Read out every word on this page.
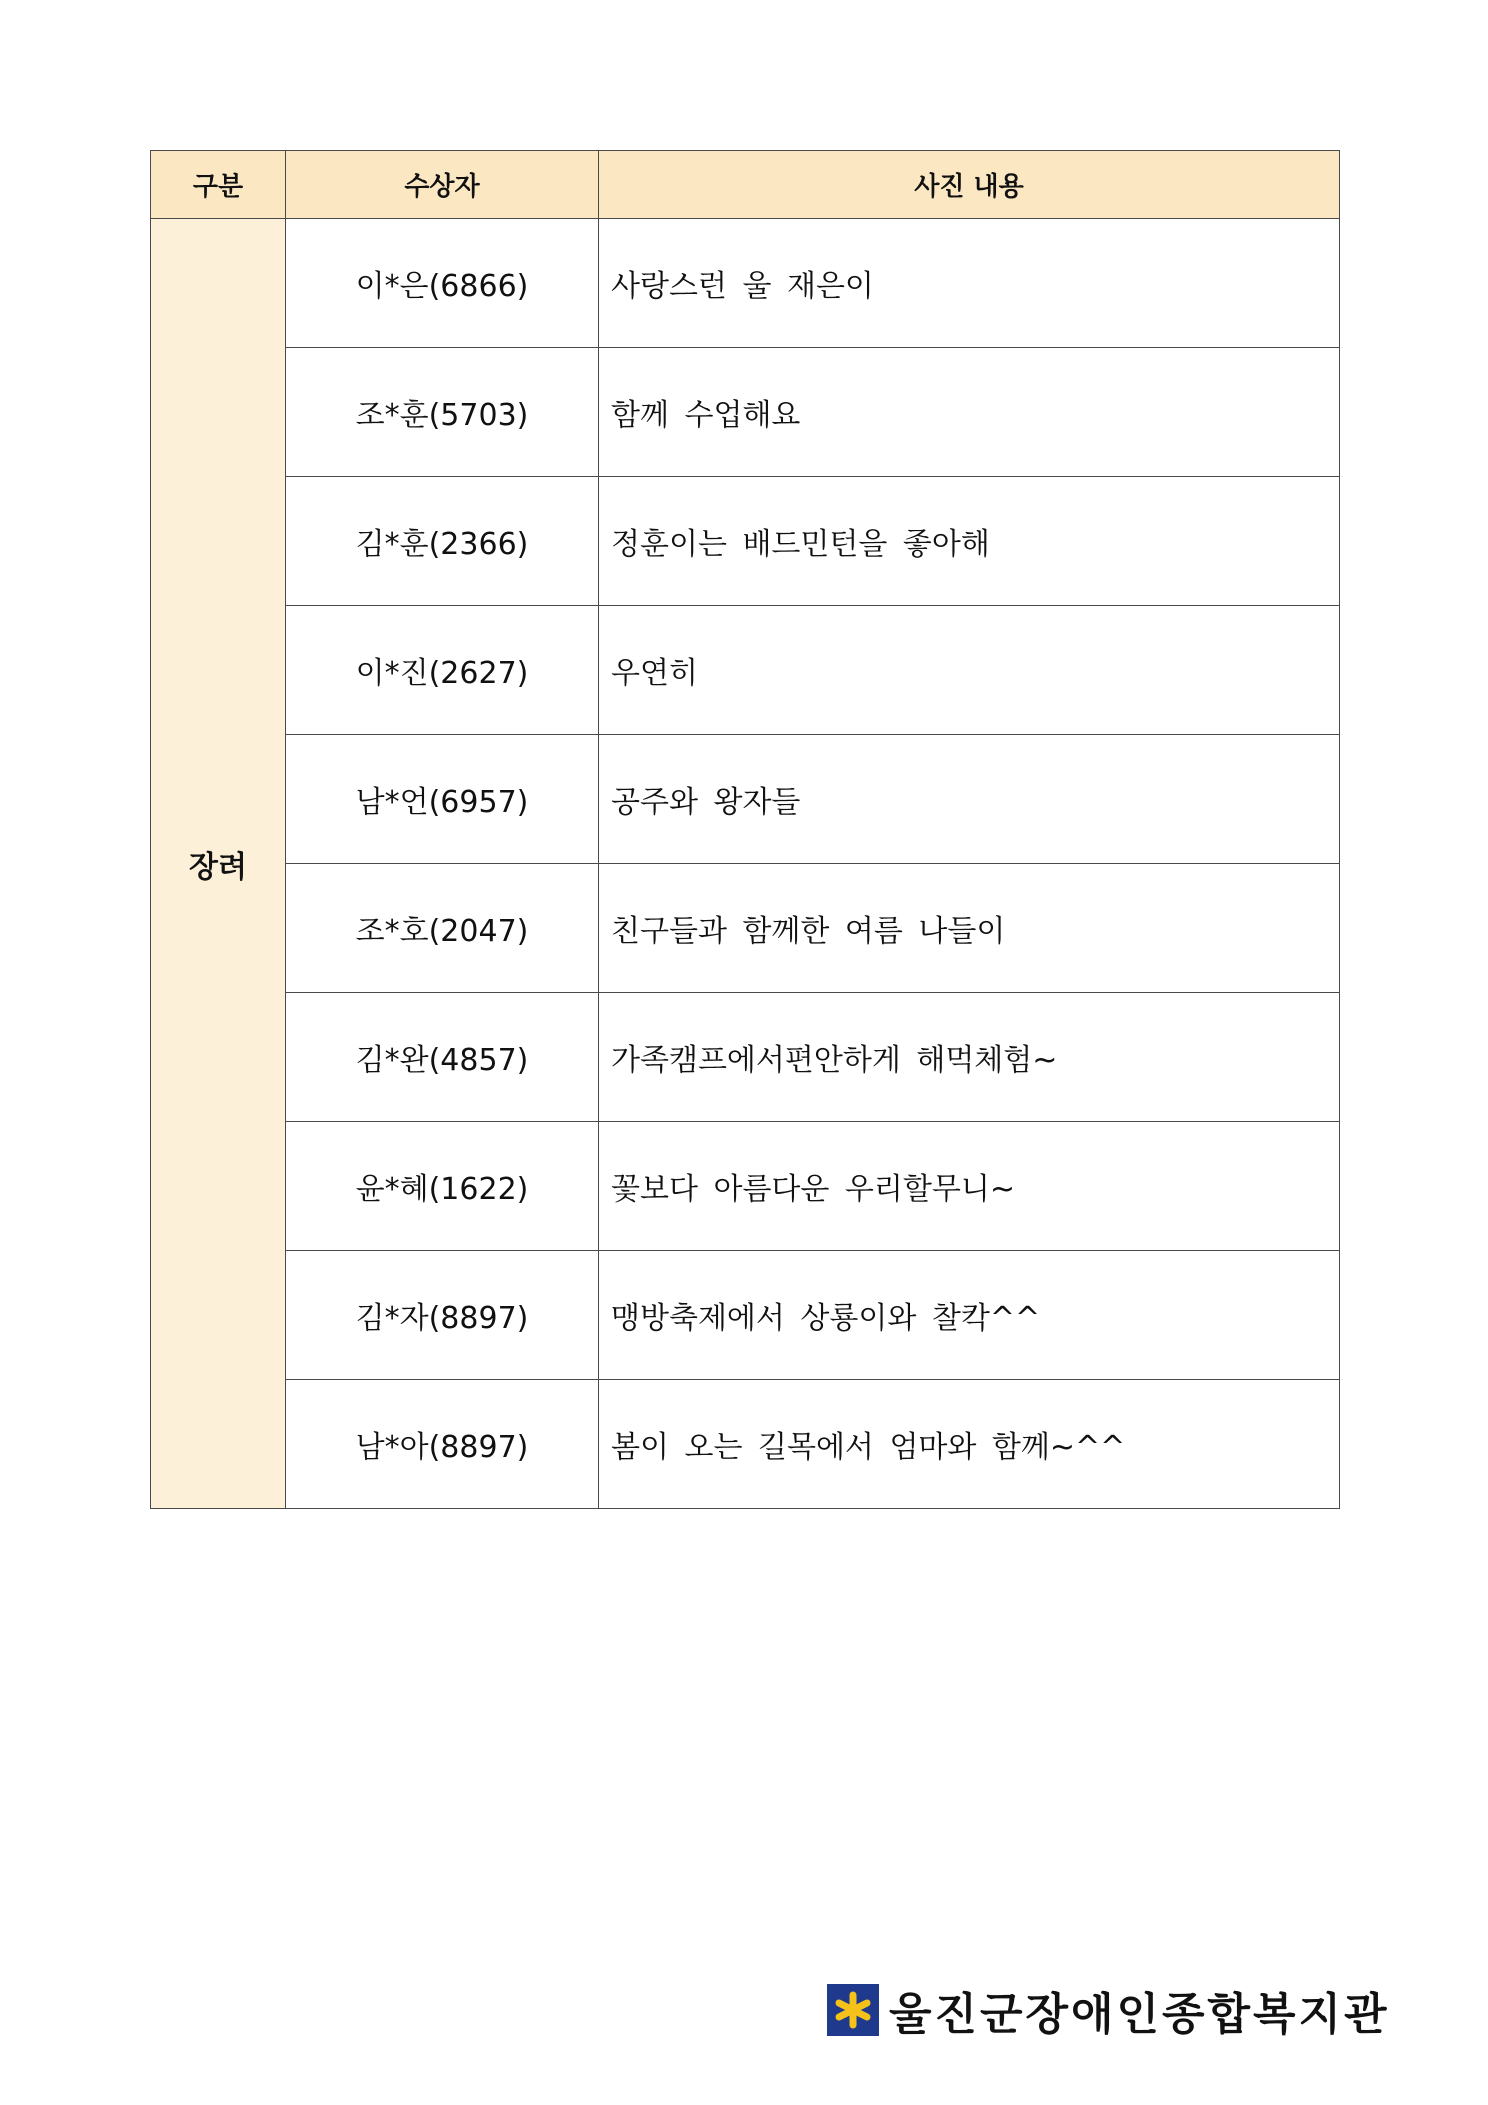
구분	수상자	사진 내용
장려	이*은(6866)	사랑스런 울 재은이
	조*훈(5703)	함께 수업해요
	김*훈(2366)	정훈이는 배드민턴을 좋아해
	이*진(2627)	우연히
	남*언(6957)	공주와 왕자들
	조*호(2047)	친구들과 함께한 여름 나들이
	김*완(4857)	가족캠프에서편안하게 해먹체험~
	윤*혜(1622)	꽃보다 아름다운 우리할무니~
	김*자(8897)	맹방축제에서 상룡이와 찰칵^^
	남*아(8897)	봄이 오는 길목에서 엄마와 함께~^^
울진군장애인종합복지관
